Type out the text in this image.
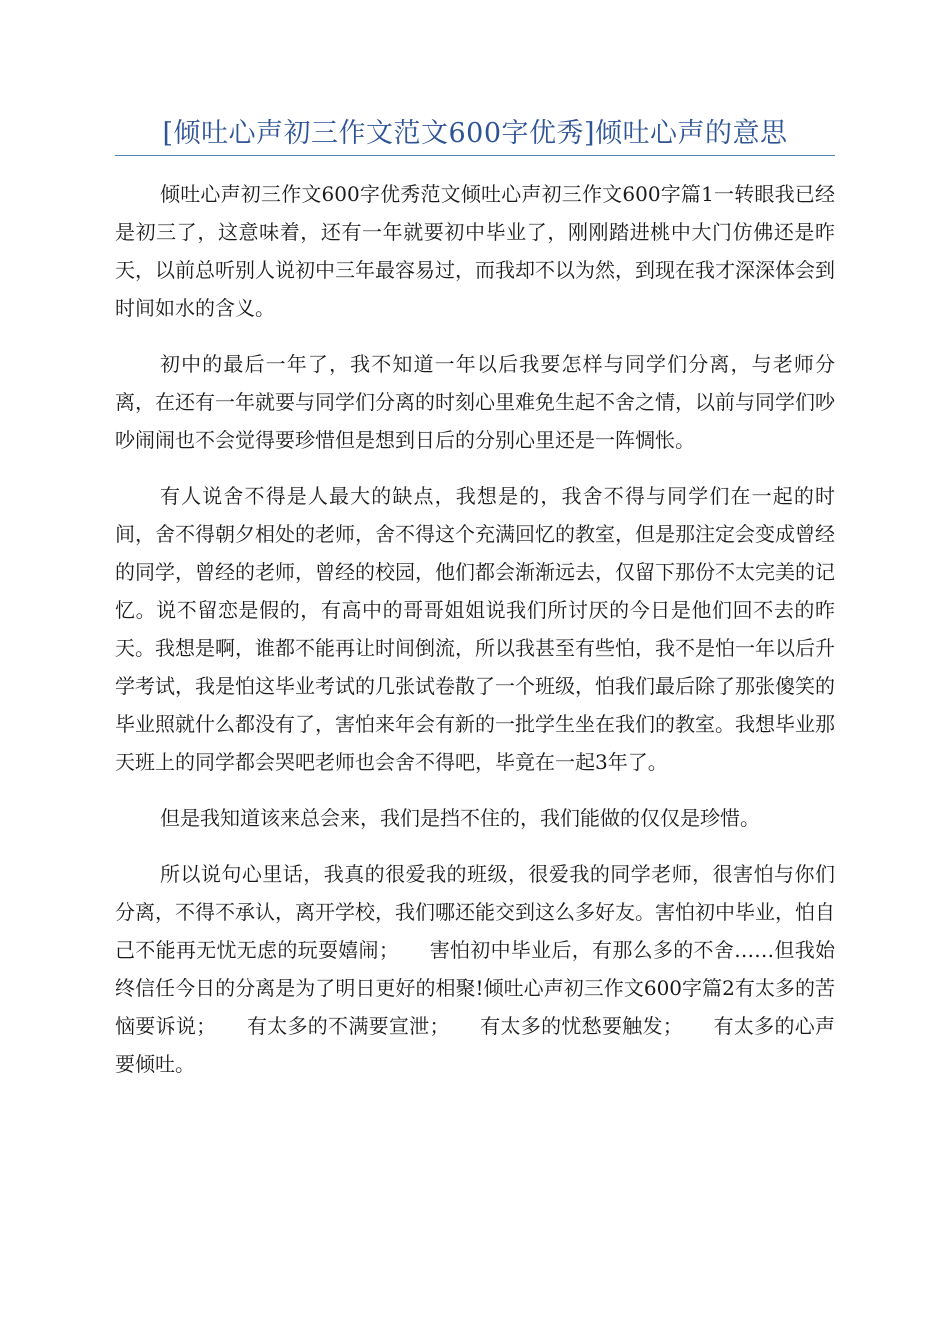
[倾吐心声初三作文范文600字优秀]倾吐心声的意思

倾吐心声初三作文600字优秀范文倾吐心声初三作文600字篇1一转眼我已经是初三了，这意味着，还有一年就要初中毕业了，刚刚踏进桃中大门仿佛还是昨天，以前总听别人说初中三年最容易过，而我却不以为然，到现在我才深深体会到时间如水的含义。

初中的最后一年了，我不知道一年以后我要怎样与同学们分离，与老师分离，在还有一年就要与同学们分离的时刻心里难免生起不舍之情，以前与同学们吵吵闹闹也不会觉得要珍惜但是想到日后的分别心里还是一阵惆怅。

有人说舍不得是人最大的缺点，我想是的，我舍不得与同学们在一起的时间，舍不得朝夕相处的老师，舍不得这个充满回忆的教室，但是那注定会变成曾经的同学，曾经的老师，曾经的校园，他们都会渐渐远去，仅留下那份不太完美的记忆。说不留恋是假的，有高中的哥哥姐姐说我们所讨厌的今日是他们回不去的昨天。我想是啊，谁都不能再让时间倒流，所以我甚至有些怕，我不是怕一年以后升学考试，我是怕这毕业考试的几张试卷散了一个班级，怕我们最后除了那张傻笑的毕业照就什么都没有了，害怕来年会有新的一批学生坐在我们的教室。我想毕业那天班上的同学都会哭吧老师也会舍不得吧，毕竟在一起3年了。

但是我知道该来总会来，我们是挡不住的，我们能做的仅仅是珍惜。

所以说句心里话，我真的很爱我的班级，很爱我的同学老师，很害怕与你们分离，不得不承认，离开学校，我们哪还能交到这么多好友。害怕初中毕业，怕自己不能再无忧无虑的玩耍嬉闹；　　害怕初中毕业后，有那么多的不舍……但我始终信任今日的分离是为了明日更好的相聚!倾吐心声初三作文600字篇2有太多的苦恼要诉说；　　有太多的不满要宣泄；　　有太多的忧愁要触发；　　有太多的心声要倾吐。
